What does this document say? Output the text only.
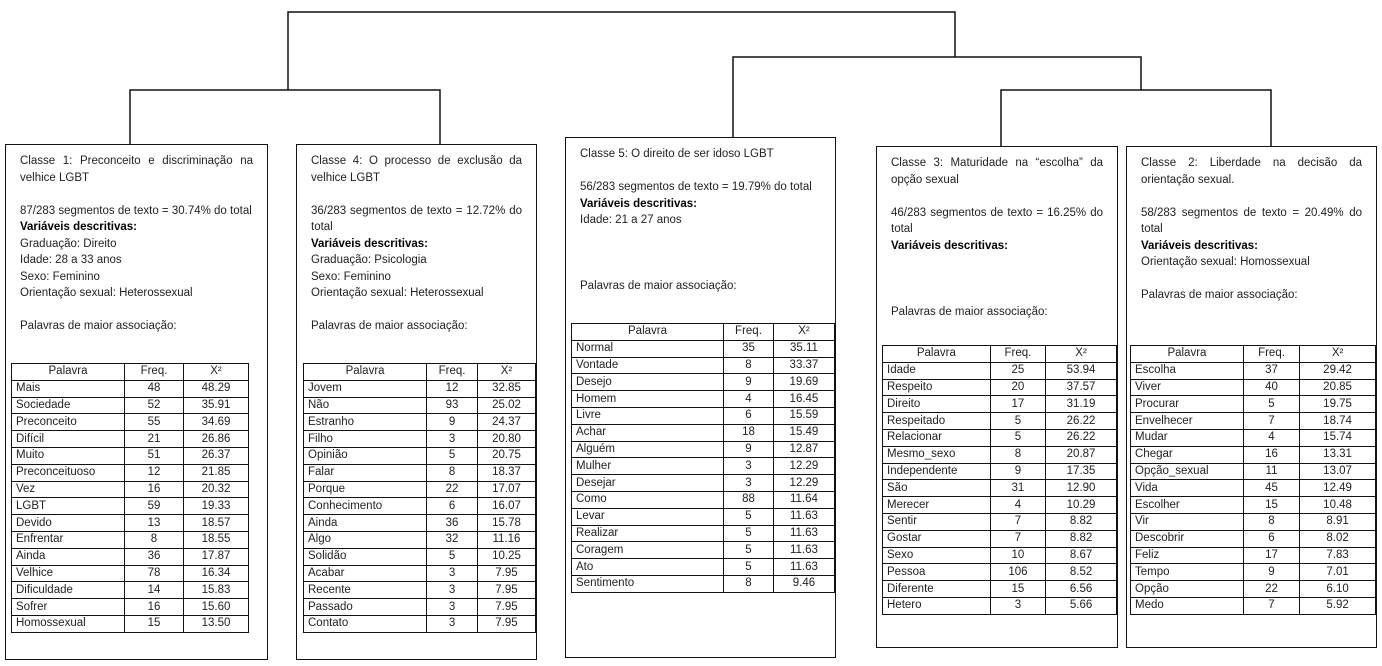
Classe 1: Preconceito e discriminação na velhice LGBT
87/283 segmentos de texto = 30.74% do total
Variáveis descritivas:
Graduação: Direito
Idade: 28 a 33 anos
Sexo: Feminino
Orientação sexual: Heterossexual
Palavras de maior associação:
Palavra	Freq.	X²
Mais	48	48.29
Sociedade	52	35.91
Preconceito	55	34.69
Difícil	21	26.86
Muito	51	26.37
Preconceituoso	12	21.85
Vez	16	20.32
LGBT	59	19.33
Devido	13	18.57
Enfrentar	8	18.55
Ainda	36	17.87
Velhice	78	16.34
Dificuldade	14	15.83
Sofrer	16	15.60
Homossexual	15	13.50
Classe 4: O processo de exclusão da velhice LGBT
36/283 segmentos de texto = 12.72% do total
Variáveis descritivas:
Graduação: Psicologia
Sexo: Feminino
Orientação sexual: Heterossexual
Palavras de maior associação:
Palavra	Freq.	X²
Jovem	12	32.85
Não	93	25.02
Estranho	9	24.37
Filho	3	20.80
Opinião	5	20.75
Falar	8	18.37
Porque	22	17.07
Conhecimento	6	16.07
Ainda	36	15.78
Algo	32	11.16
Solidão	5	10.25
Acabar	3	7.95
Recente	3	7.95
Passado	3	7.95
Contato	3	7.95
Classe 5: O direito de ser idoso LGBT
56/283 segmentos de texto = 19.79% do total
Variáveis descritivas:
Idade: 21 a 27 anos
Palavras de maior associação:
Palavra	Freq.	X²
Normal	35	35.11
Vontade	8	33.37
Desejo	9	19.69
Homem	4	16.45
Livre	6	15.59
Achar	18	15.49
Alguém	9	12.87
Mulher	3	12.29
Desejar	3	12.29
Como	88	11.64
Levar	5	11.63
Realizar	5	11.63
Coragem	5	11.63
Ato	5	11.63
Sentimento	8	9.46
Classe 3: Maturidade na “escolha” da opção sexual
46/283 segmentos de texto = 16.25% do total
Variáveis descritivas:
Palavras de maior associação:
Palavra	Freq.	X²
Idade	25	53.94
Respeito	20	37.57
Direito	17	31.19
Respeitado	5	26.22
Relacionar	5	26.22
Mesmo_sexo	8	20.87
Independente	9	17.35
São	31	12.90
Merecer	4	10.29
Sentir	7	8.82
Gostar	7	8.82
Sexo	10	8.67
Pessoa	106	8.52
Diferente	15	6.56
Hetero	3	5.66
Classe 2: Liberdade na decisão da orientação sexual.
58/283 segmentos de texto = 20.49% do total
Variáveis descritivas:
Orientação sexual: Homossexual
Palavras de maior associação:
Palavra	Freq.	X²
Escolha	37	29.42
Viver	40	20.85
Procurar	5	19.75
Envelhecer	7	18.74
Mudar	4	15.74
Chegar	16	13.31
Opção_sexual	11	13.07
Vida	45	12.49
Escolher	15	10.48
Vir	8	8.91
Descobrir	6	8.02
Feliz	17	7.83
Tempo	9	7.01
Opção	22	6.10
Medo	7	5.92
